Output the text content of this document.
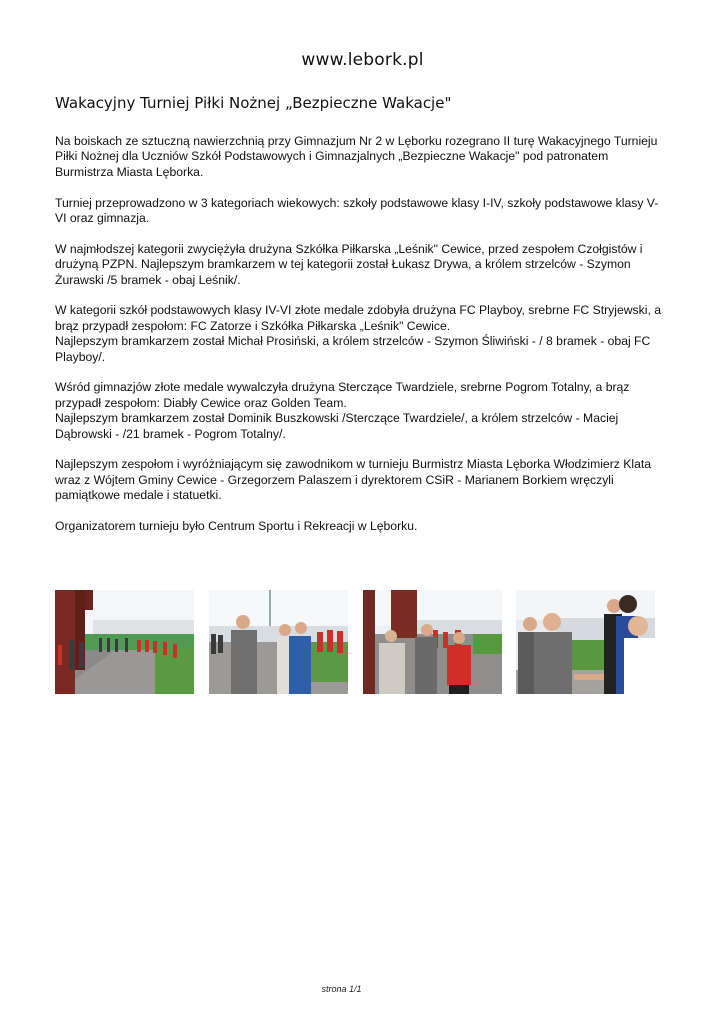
www.lebork.pl
Wakacyjny Turniej Piłki Nożnej „Bezpieczne Wakacje"

Na boiskach ze sztuczną nawierzchnią przy Gimnazjum Nr 2 w Lęborku rozegrano II turę Wakacyjnego Turnieju
Piłki Nożnej dla Uczniów Szkół Podstawowych i Gimnazjalnych „Bezpieczne Wakacje" pod patronatem
Burmistrza Miasta Lęborka.

Turniej przeprowadzono w 3 kategoriach wiekowych: szkoły podstawowe klasy I-IV, szkoły podstawowe klasy V-
VI oraz gimnazja.

W najmłodszej kategorii zwyciężyła drużyna Szkółka Piłkarska „Leśnik" Cewice, przed zespołem Czołgistów i
drużyną PZPN. Najlepszym bramkarzem w tej kategorii został Łukasz Drywa, a królem strzelców - Szymon
Żurawski /5 bramek - obaj Leśnik/.

W kategorii szkół podstawowych klasy IV-VI złote medale zdobyła drużyna FC Playboy, srebrne FC Stryjewski, a
brąz przypadł zespołom: FC Zatorze i Szkółka Piłkarska „Leśnik" Cewice.
Najlepszym bramkarzem został Michał Prosiński, a królem strzelców - Szymon Śliwiński - / 8 bramek - obaj FC
Playboy/.

Wśród gimnazjów złote medale wywalczyła drużyna Sterczące Twardziele, srebrne Pogrom Totalny, a brąz
przypadł zespołom: Diabły Cewice oraz Golden Team.
Najlepszym bramkarzem został Dominik Buszkowski /Sterczące Twardziele/, a królem strzelców - Maciej
Dąbrowski - /21 bramek - Pogrom Totalny/.

Najlepszym zespołom i wyróżniającym się zawodnikom w turnieju Burmistrz Miasta Lęborka Włodzimierz Klata
wraz z Wójtem Gminy Cewice - Grzegorzem Palaszem i dyrektorem CSiR - Marianem Borkiem wręczyli
pamiątkowe medale i statuetki.

Organizatorem turnieju było Centrum Sportu i Rekreacji w Lęborku.

strona 1/1
